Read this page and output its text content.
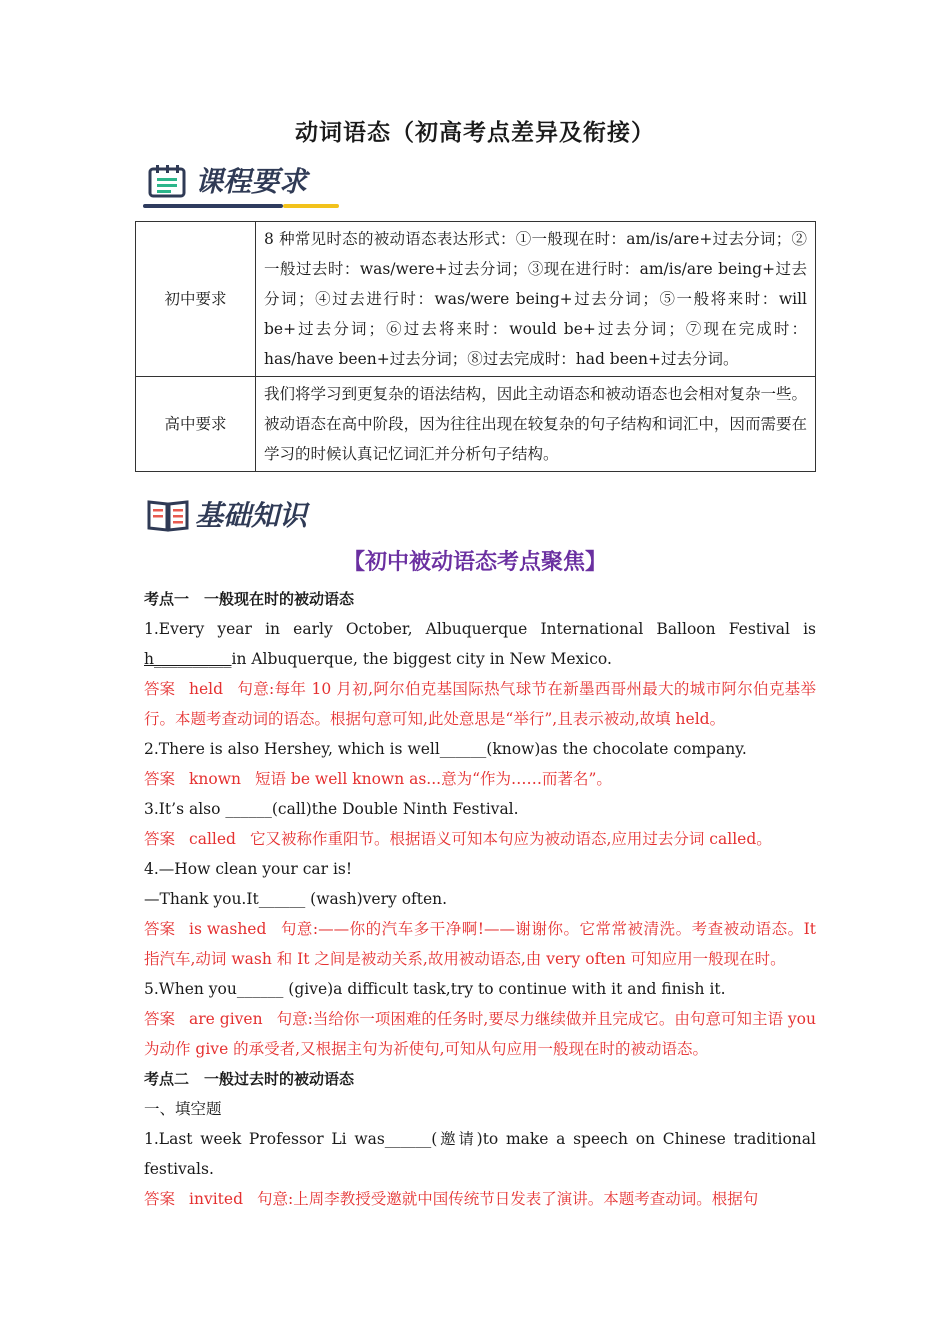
动词语态（初高考点差异及衔接）
课程要求
初中要求	8 种常见时态的被动语态表达形式：①一般现在时：am/is/are+过去分词；②一般过去时：was/were+过去分词；③现在进行时：am/is/are being+过去分词；④过去进行时：was/were being+过去分词；⑤一般将来时：will be+过去分词；⑥过去将来时：would be+过去分词；⑦现在完成时：has/have been+过去分词；⑧过去完成时：had been+过去分词。
高中要求	我们将学习到更复杂的语法结构，因此主动语态和被动语态也会相对复杂一些。被动语态在高中阶段，因为往往出现在较复杂的句子结构和词汇中，因而需要在学习的时候认真记忆词汇并分析句子结构。
基础知识
【初中被动语态考点聚焦】

考点一　一般现在时的被动语态

1.Every year in early October, Albuquerque International Balloon Festival is h__________in Albuquerque, the biggest city in New Mexico.

答案 held 句意:每年 10 月初,阿尔伯克基国际热气球节在新墨西哥州最大的城市阿尔伯克基举行。本题考查动词的语态。根据句意可知,此处意思是“举行”,且表示被动,故填 held。

2.There is also Hershey, which is well______(know)as the chocolate company.

答案 known 短语 be well known as...意为“作为……而著名”。

3.It’s also ______(call)the Double Ninth Festival.

答案 called 它又被称作重阳节。根据语义可知本句应为被动语态,应用过去分词 called。

4.—How clean your car is!

—Thank you.It______ (wash)very often.

答案 is washed 句意:——你的汽车多干净啊!——谢谢你。它常常被清洗。考查被动语态。It 指汽车,动词 wash 和 It 之间是被动关系,故用被动语态,由 very often 可知应用一般现在时。

5.When you______ (give)a difficult task,try to continue with it and finish it.

答案 are given 句意:当给你一项困难的任务时,要尽力继续做并且完成它。由句意可知主语 you 为动作 give 的承受者,又根据主句为祈使句,可知从句应用一般现在时的被动语态。

考点二　一般过去时的被动语态

一、填空题

1.Last week Professor Li was______(邀请)to make a speech on Chinese traditional festivals.

答案 invited 句意:上周李教授受邀就中国传统节日发表了演讲。本题考查动词。根据句
